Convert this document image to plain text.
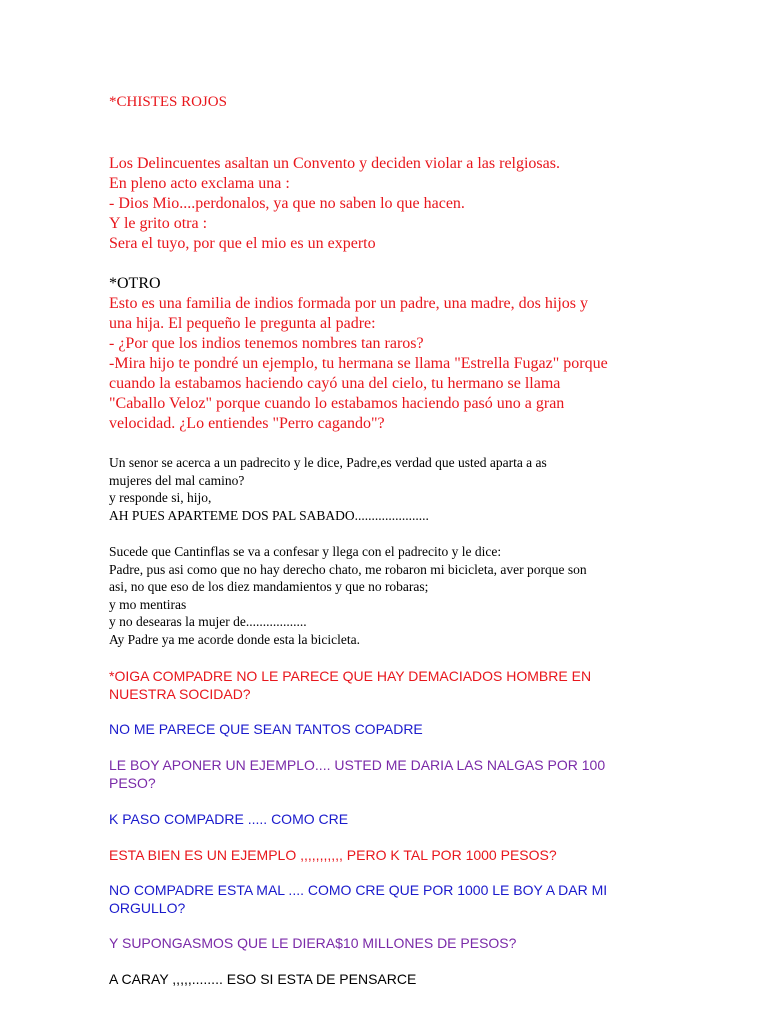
*CHISTES ROJOS
Los Delincuentes asaltan un Convento y deciden violar a las relgiosas.
En pleno acto exclama una :
- Dios Mio....perdonalos, ya que no saben lo que hacen.
Y le grito otra :
Sera el tuyo, por que el mio es un experto
*OTRO
Esto es una familia de indios formada por un padre, una madre, dos hijos y
una hija. El pequeño le pregunta al padre:
- ¿Por que los indios tenemos nombres tan raros?
-Mira hijo te pondré un ejemplo, tu hermana se llama "Estrella Fugaz" porque
cuando la estabamos haciendo cayó una del cielo, tu hermano se llama
"Caballo Veloz" porque cuando lo estabamos haciendo pasó uno a gran
velocidad. ¿Lo entiendes "Perro cagando"?
Un senor se acerca a un padrecito y le dice, Padre,es verdad que usted aparta a as
mujeres del mal camino?
y responde si, hijo,
AH PUES APARTEME DOS PAL SABADO......................
Sucede que Cantinflas se va a confesar y llega con el padrecito y le dice:
Padre, pus asi como que no hay derecho chato, me robaron mi bicicleta, aver porque son
asi, no que eso de los diez mandamientos y que no robaras;
y mo mentiras
y no desearas la mujer de..................
Ay Padre ya me acorde donde esta la bicicleta.
*OIGA COMPADRE NO LE PARECE QUE HAY DEMACIADOS HOMBRE EN
NUESTRA SOCIDAD?
NO ME PARECE QUE SEAN TANTOS COPADRE
LE BOY APONER UN EJEMPLO.... USTED ME DARIA LAS NALGAS POR 100
PESO?
K PASO COMPADRE ..... COMO CRE
ESTA BIEN ES UN EJEMPLO ,,,,,,,,,,, PERO K TAL POR 1000 PESOS?
NO COMPADRE ESTA MAL .... COMO CRE QUE POR 1000 LE BOY A DAR MI
ORGULLO?
Y SUPONGASMOS QUE LE DIERA$10 MILLONES DE PESOS?
A CARAY ,,,,,........ ESO SI ESTA DE PENSARCE
